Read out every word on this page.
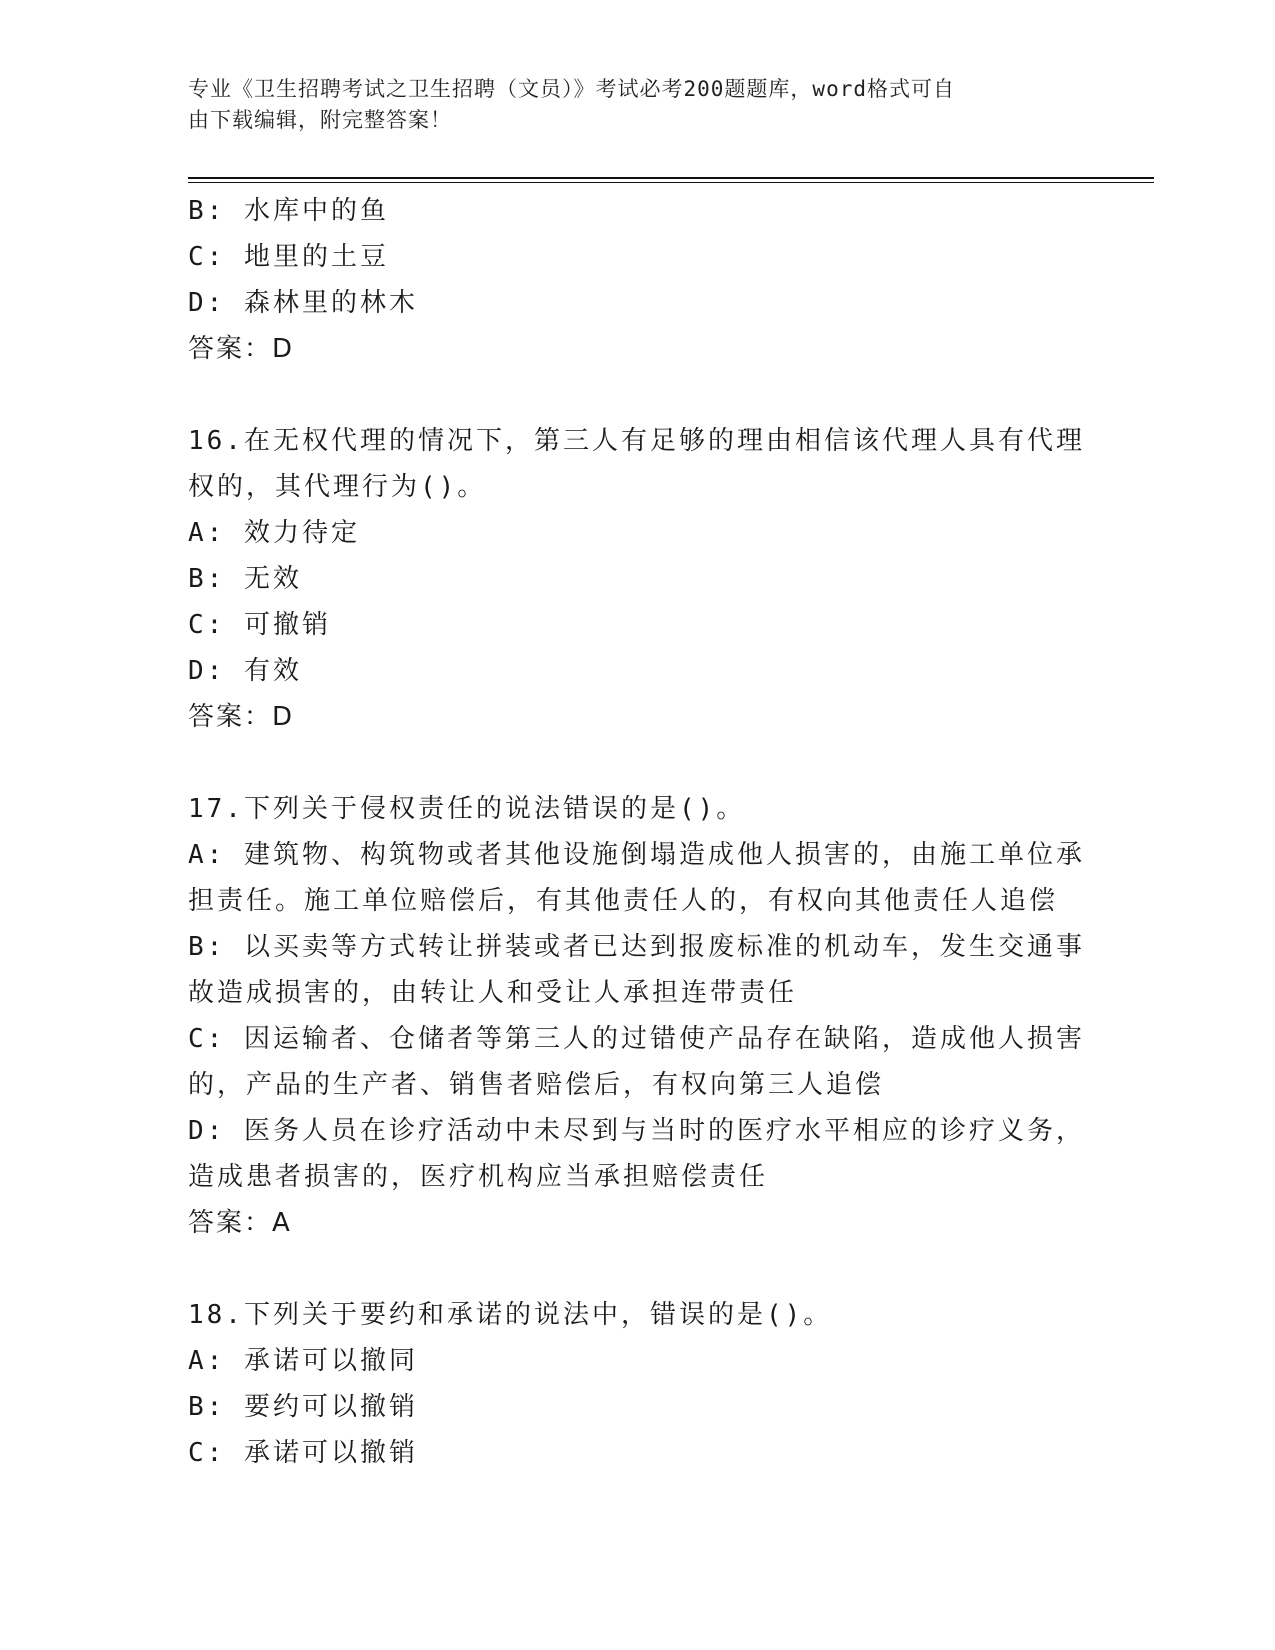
专业《卫生招聘考试之卫生招聘（文员）》考试必考200题题库，word格式可自
由下载编辑，附完整答案！
B: 水库中的鱼
C: 地里的土豆
D: 森林里的林木
答案：D
16.在无权代理的情况下，第三人有足够的理由相信该代理人具有代理
权的，其代理行为()。
A: 效力待定
B: 无效
C: 可撤销
D: 有效
答案：D
17.下列关于侵权责任的说法错误的是()。
A: 建筑物、构筑物或者其他设施倒塌造成他人损害的，由施工单位承
担责任。施工单位赔偿后，有其他责任人的，有权向其他责任人追偿
B: 以买卖等方式转让拼装或者已达到报废标准的机动车，发生交通事
故造成损害的，由转让人和受让人承担连带责任
C: 因运输者、仓储者等第三人的过错使产品存在缺陷，造成他人损害
的，产品的生产者、销售者赔偿后，有权向第三人追偿
D: 医务人员在诊疗活动中未尽到与当时的医疗水平相应的诊疗义务，
造成患者损害的，医疗机构应当承担赔偿责任
答案：A
18.下列关于要约和承诺的说法中，错误的是()。
A: 承诺可以撤同
B: 要约可以撤销
C: 承诺可以撤销
